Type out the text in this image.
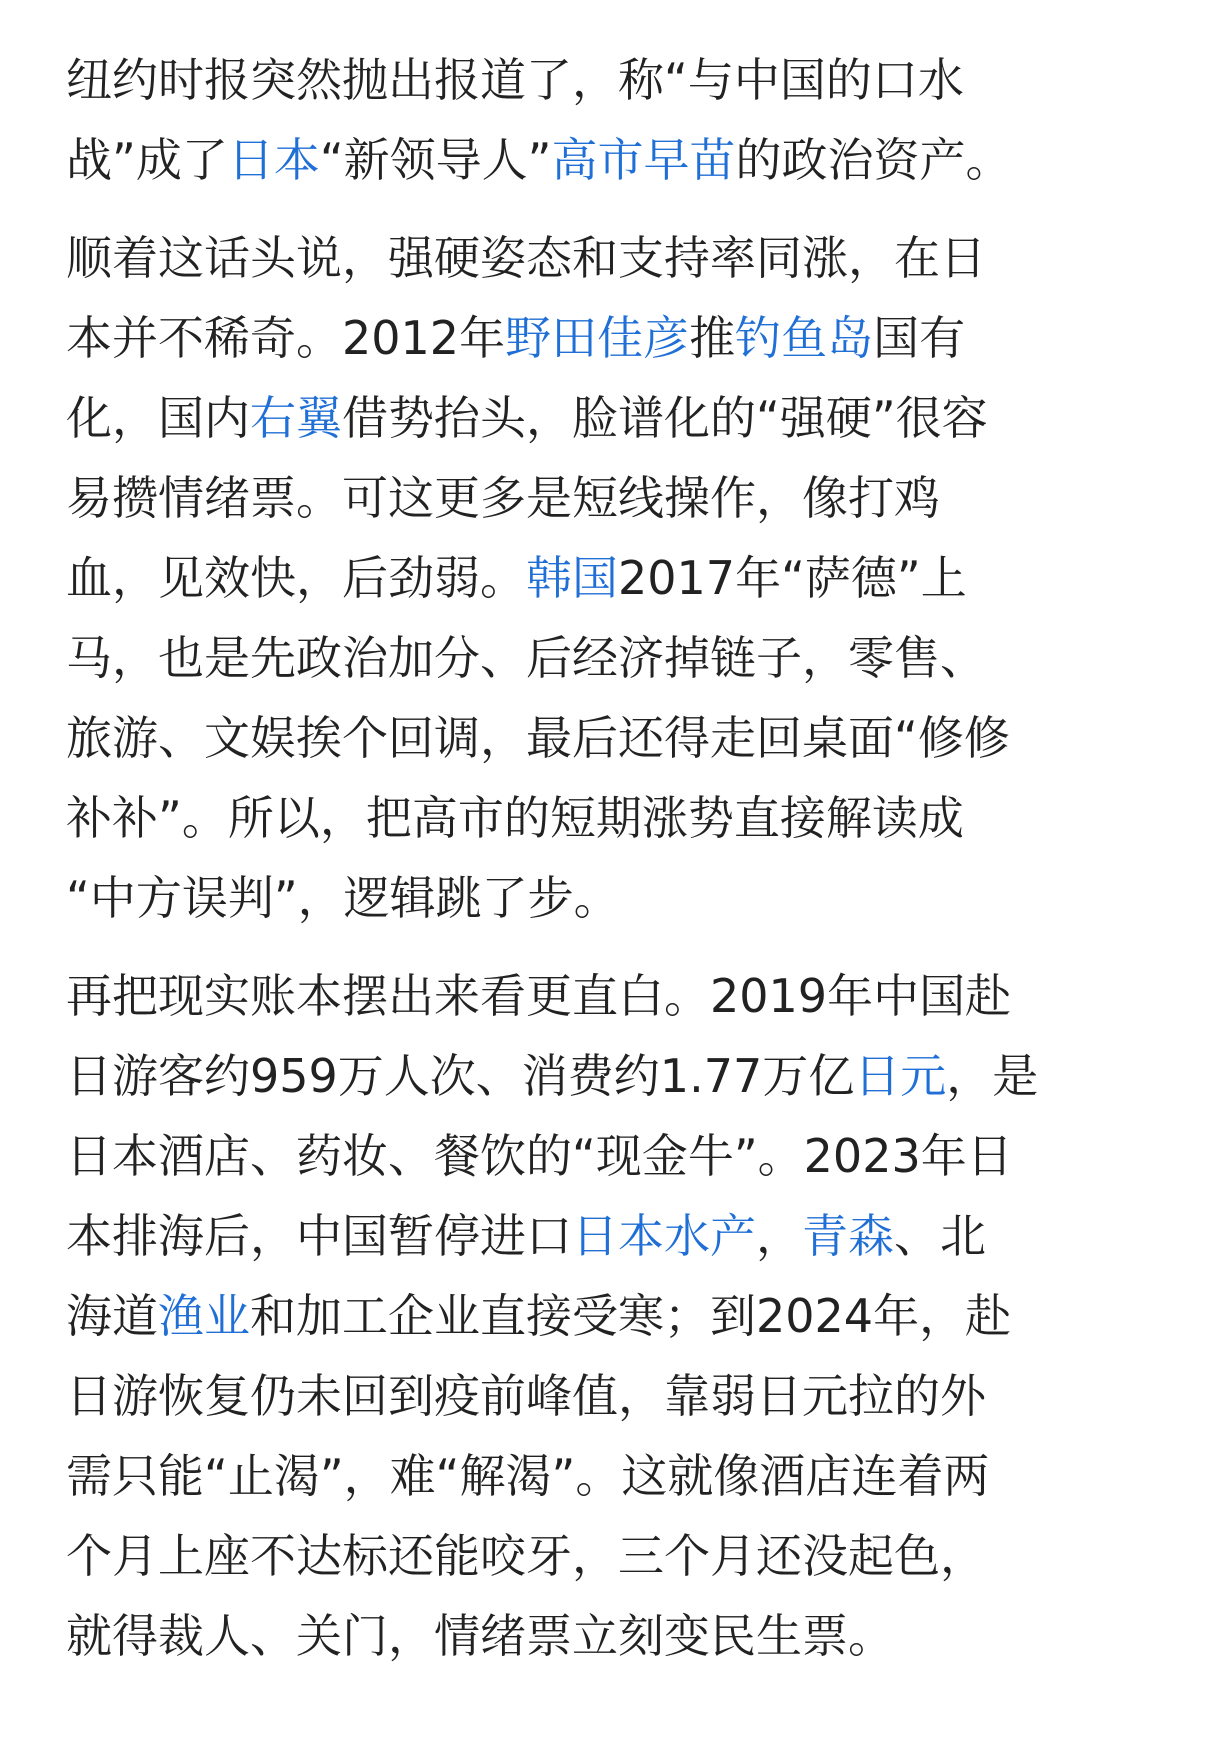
纽约时报突然抛出报道了，称“与中国的口水
战”成了日本“新领导人”高市早苗的政治资产。

顺着这话头说，强硬姿态和支持率同涨，在日
本并不稀奇。2012年野田佳彦推钓鱼岛国有
化，国内右翼借势抬头，脸谱化的“强硬”很容
易攒情绪票。可这更多是短线操作，像打鸡
血，见效快，后劲弱。韩国2017年“萨德”上
马，也是先政治加分、后经济掉链子，零售、
旅游、文娱挨个回调，最后还得走回桌面“修修
补补”。所以，把高市的短期涨势直接解读成
“中方误判”，逻辑跳了步。

再把现实账本摆出来看更直白。2019年中国赴
日游客约959万人次、消费约1.77万亿日元，是
日本酒店、药妆、餐饮的“现金牛”。2023年日
本排海后，中国暂停进口日本水产，青森、北
海道渔业和加工企业直接受寒；到2024年，赴
日游恢复仍未回到疫前峰值，靠弱日元拉的外
需只能“止渴”，难“解渴”。这就像酒店连着两
个月上座不达标还能咬牙，三个月还没起色，
就得裁人、关门，情绪票立刻变民生票。
